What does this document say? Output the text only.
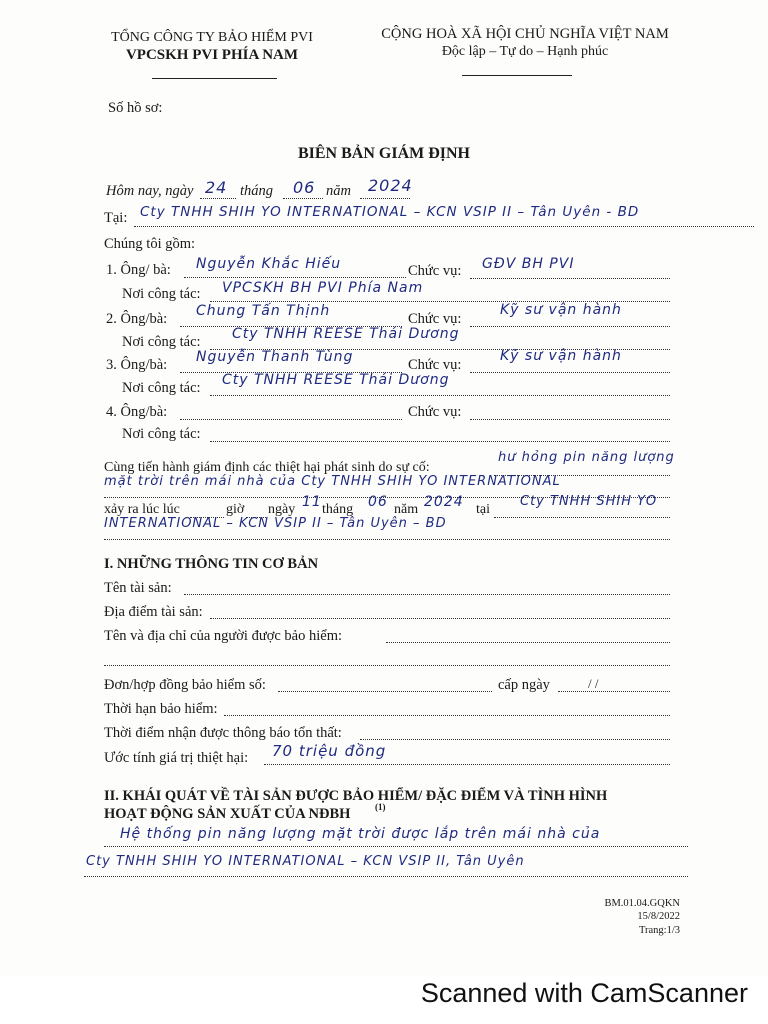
TỔNG CÔNG TY BẢO HIỂM PVI
VPCSKH PVI PHÍA NAM
CỘNG HOÀ XÃ HỘI CHỦ NGHĨA VIỆT NAM
Độc lập – Tự do – Hạnh phúc
Số hồ sơ:
BIÊN BẢN GIÁM ĐỊNH
Hôm nay, ngày 24 tháng 06 năm 2024
Tại: Cty TNHH SHIH YO INTERNATIONAL – KCN VSIP II – Tân Uyên - BD
Chúng tôi gồm:
1. Ông/ bà: Nguyễn Khắc Hiếu	Chức vụ: GĐV BH PVI
Nơi công tác: VPCSKH BH PVI Phía Nam
2. Ông/bà: Chung Tấn Thịnh	Chức vụ:
Kỹ sư vận hành
Nơi công tác: Cty TNHH REESE Thái Dương
3. Ông/bà: Nguyễn Thanh Tùng	Chức vụ:
Kỹ sư vận hành
Nơi công tác: Cty TNHH REESE Thái Dương
4. Ông/bà:	Chức vụ:
Nơi công tác:
Cùng tiến hành giám định các thiệt hại phát sinh do sự cố:
hư hỏng pin năng lượng
mặt trời trên mái nhà của Cty TNHH SHIH YO INTERNATIONAL
xảy ra lúc lúc	giờ ngày 11 tháng 06 năm 2024 tại
Cty TNHH SHIH YO
INTERNATIONAL – KCN VSIP II – Tân Uyên – BD
I. NHỮNG THÔNG TIN CƠ BẢN
Tên tài sản:
Địa điểm tài sản:
Tên và địa chỉ của người được bảo hiểm:
Đơn/hợp đồng bảo hiểm số:	cấp ngày	/ /
Thời hạn bảo hiểm:
Thời điểm nhận được thông báo tổn thất:
Ước tính giá trị thiệt hại: 70 triệu đồng
II. KHÁI QUÁT VỀ TÀI SẢN ĐƯỢC BẢO HIỂM/ ĐẶC ĐIỂM VÀ TÌNH HÌNH
HOẠT ĐỘNG SẢN XUẤT CỦA NĐBH	(1)
Hệ thống pin năng lượng mặt trời được lắp trên mái nhà của
Cty TNHH SHIH YO INTERNATIONAL – KCN VSIP II, Tân Uyên
BM.01.04.GQKN
15/8/2022
Trang:1/3
Scanned with CamScanner
